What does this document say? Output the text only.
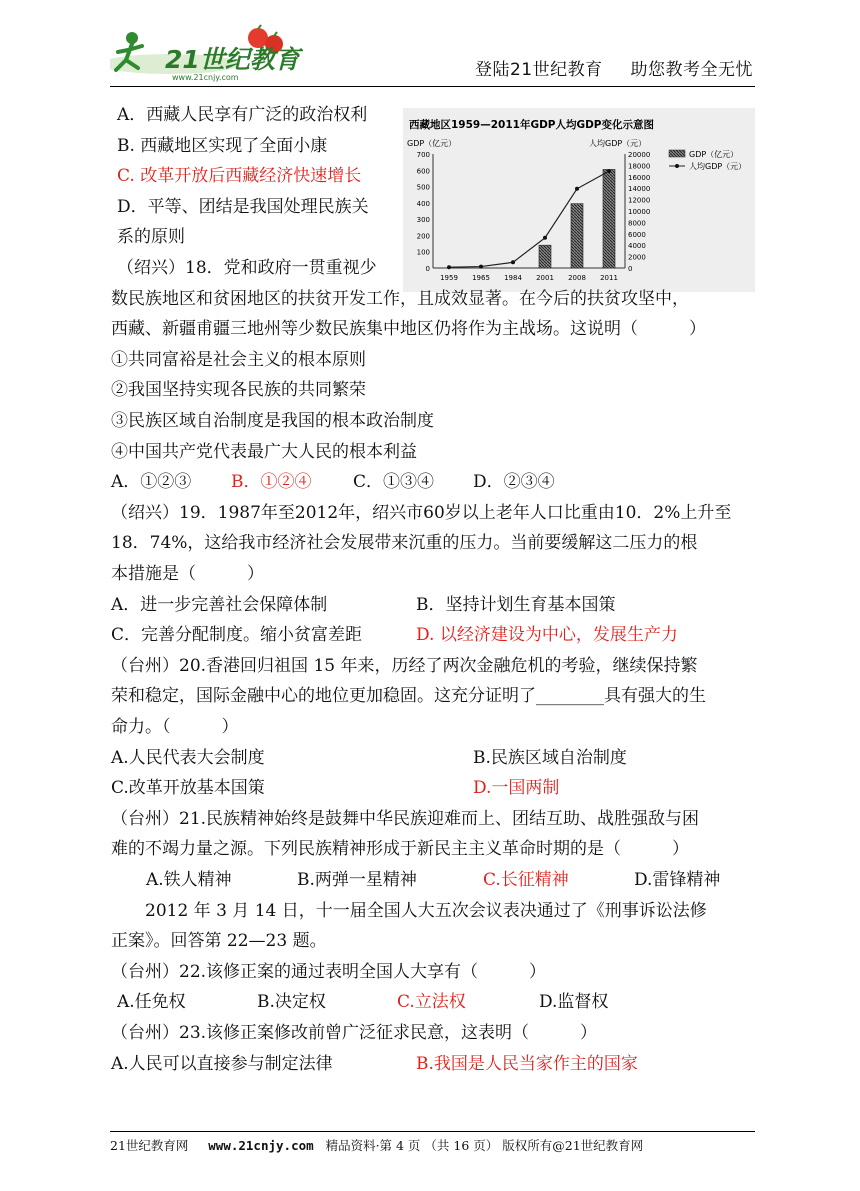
21世纪教育
www.21cnjy.com	登陆21世纪教育 助您教考全无忧
西藏地区1959—2011年GDP人均GDP变化示意图
GDP（亿元）	人均GDP（元）
0
100
200
300
400
500
600
700
0
2000
4000
6000
8000
10000
12000
14000
16000
18000
20000
1959 1965 1984 2001 2008 2011
GDP（亿元）
人均GDP（元）
A．西藏人民享有广泛的政治权利
B. 西藏地区实现了全面小康
C. 改革开放后西藏经济快速增长
D．平等、团结是我国处理民族关
系的原则
（绍兴）18．党和政府一贯重视少
数民族地区和贫困地区的扶贫开发工作，且成效显著。在今后的扶贫攻坚中，
西藏、新疆甫疆三地州等少数民族集中地区仍将作为主战场。这说明（　　　）
①共同富裕是社会主义的根本原则
②我国坚持实现各民族的共同繁荣
③民族区域自治制度是我国的根本政治制度
④中国共产党代表最广大人民的根本利益
A．①②③ B．①②④ C．①③④ D．②③④
（绍兴）19．1987年至2012年，绍兴市60岁以上老年人口比重由10．2%上升至
18．74%，这给我市经济社会发展带来沉重的压力。当前要缓解这二压力的根
本措施是（　　　）
A．进一步完善社会保障体制	B．坚持计划生育基本国策
C．完善分配制度。缩小贫富差距	D. 以经济建设为中心，发展生产力
（台州）20.香港回归祖国 15 年来，历经了两次金融危机的考验，继续保持繁
荣和稳定，国际金融中心的地位更加稳固。这充分证明了________具有强大的生
命力。（　　　）
A.人民代表大会制度	B.民族区域自治制度
C.改革开放基本国策	D.一国两制
（台州）21.民族精神始终是鼓舞中华民族迎难而上、团结互助、战胜强敌与困
难的不竭力量之源。下列民族精神形成于新民主主义革命时期的是（　　　）
A.铁人精神	B.两弹一星精神	C.长征精神	D.雷锋精神
　　2012 年 3 月 14 日，十一届全国人大五次会议表决通过了《刑事诉讼法修
正案》。回答第 22—23 题。
（台州）22.该修正案的通过表明全国人大享有（　　　）
A.任免权	B.决定权	C.立法权	D.监督权
（台州）23.该修正案修改前曾广泛征求民意，这表明（　　　）
A.人民可以直接参与制定法律	B.我国是人民当家作主的国家
21世纪教育网 www.21cnjy.com 精品资料·第 4 页 （共 16 页） 版权所有@21世纪教育网
